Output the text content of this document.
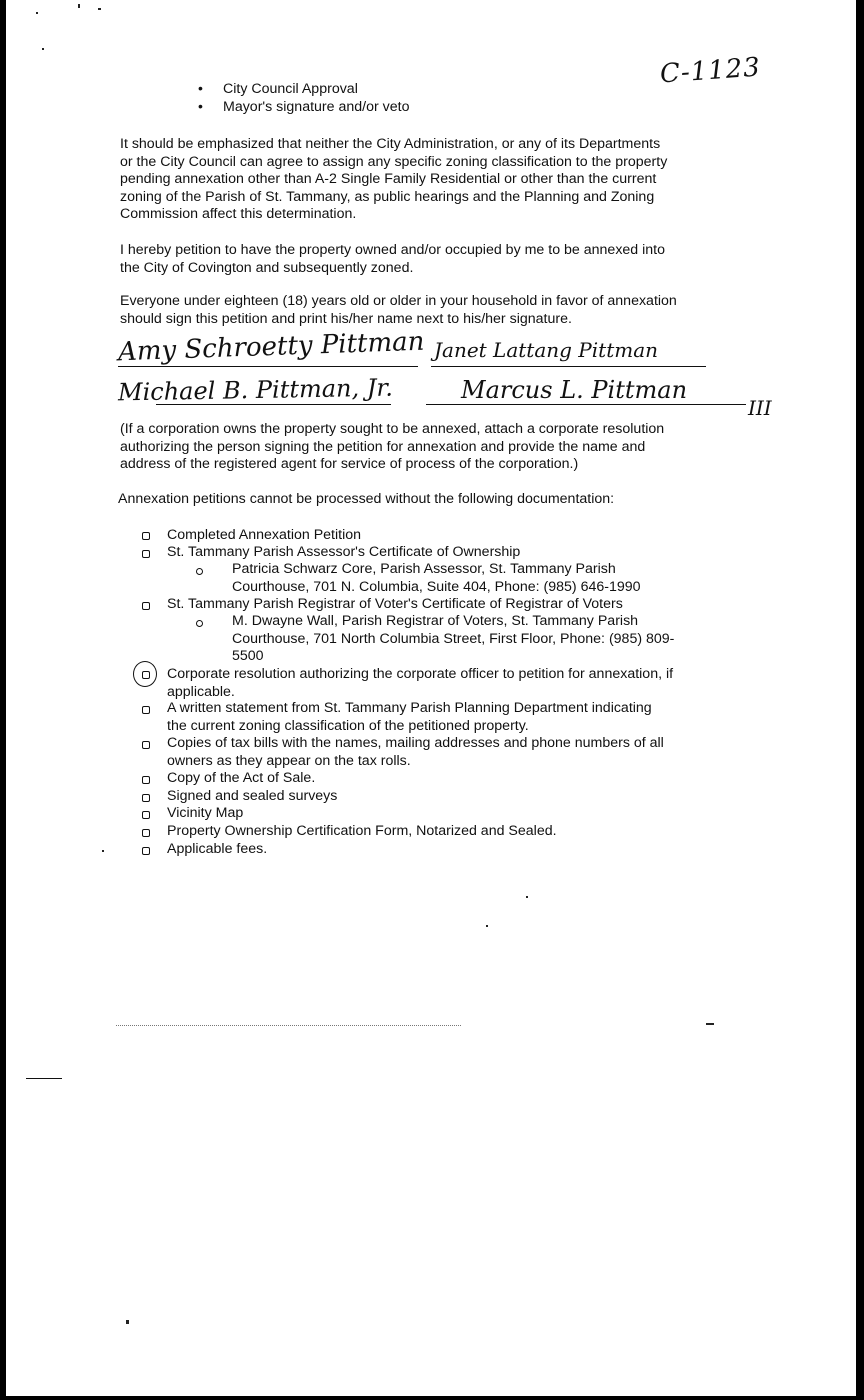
C-1123
• City Council Approval
• Mayor's signature and/or veto
It should be emphasized that neither the City Administration, or any of its Departments
or the City Council can agree to assign any specific zoning classification to the property
pending annexation other than A-2 Single Family Residential or other than the current
zoning of the Parish of St. Tammany, as public hearings and the Planning and Zoning
Commission affect this determination.
I hereby petition to have the property owned and/or occupied by me to be annexed into
the City of Covington and subsequently zoned.
Everyone under eighteen (18) years old or older in your household in favor of annexation
should sign this petition and print his/her name next to his/her signature.
Amy Schroetty Pittman Janet Lattang Pittman
Michael B. Pittman, Jr.	Marcus L. Pittman
III
(If a corporation owns the property sought to be annexed, attach a corporate resolution
authorizing the person signing the petition for annexation and provide the name and
address of the registered agent for service of process of the corporation.)
Annexation petitions cannot be processed without the following documentation:
Completed Annexation Petition
St. Tammany Parish Assessor's Certificate of Ownership
Patricia Schwarz Core, Parish Assessor, St. Tammany Parish
Courthouse, 701 N. Columbia, Suite 404, Phone: (985) 646-1990
St. Tammany Parish Registrar of Voter's Certificate of Registrar of Voters
M. Dwayne Wall, Parish Registrar of Voters, St. Tammany Parish
Courthouse, 701 North Columbia Street, First Floor, Phone: (985) 809-
5500
Corporate resolution authorizing the corporate officer to petition for annexation, if
applicable.
A written statement from St. Tammany Parish Planning Department indicating
the current zoning classification of the petitioned property.
Copies of tax bills with the names, mailing addresses and phone numbers of all
owners as they appear on the tax rolls.
Copy of the Act of Sale.
Signed and sealed surveys
Vicinity Map
Property Ownership Certification Form, Notarized and Sealed.
Applicable fees.
